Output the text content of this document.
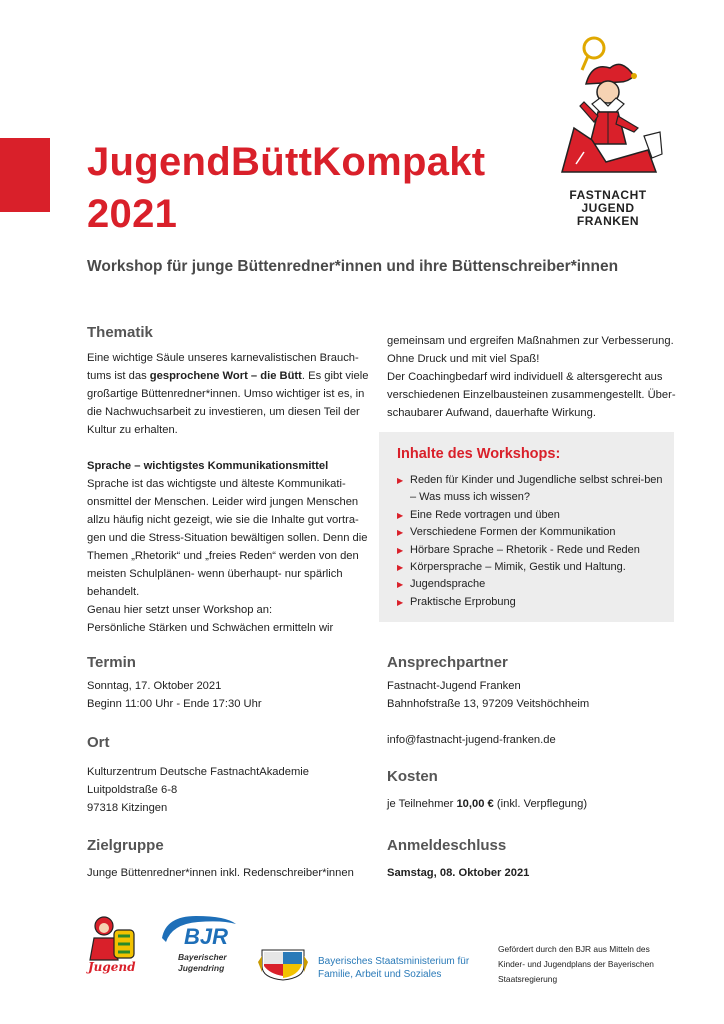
JugendBüttKompakt
2021	FASTNACHT
JUGEND
FRANKEN
Workshop für junge Büttenredner*innen und ihre Büttenschreiber*innen
Thematik

Eine wichtige Säule unseres karnevalistischen Brauch-tums ist das gesprochene Wort – die Bütt. Es gibt viele großartige Büttenredner*innen. Umso wichtiger ist es, in die Nachwuchsarbeit zu investieren, um diesen Teil der Kultur zu erhalten.

Sprache – wichtigstes Kommunikationsmittel

Sprache ist das wichtigste und älteste Kommunikati-onsmittel der Menschen. Leider wird jungen Menschen allzu häufig nicht gezeigt, wie sie die Inhalte gut vortra-gen und die Stress-Situation bewältigen sollen. Denn die Themen „Rhetorik“ und „freies Reden“ werden von den meisten Schulplänen- wenn überhaupt- nur spärlich behandelt.

Genau hier setzt unser Workshop an:

Persönliche Stärken und Schwächen ermitteln wir

gemeinsam und ergreifen Maßnahmen zur Verbesserung. Ohne Druck und mit viel Spaß!

Der Coachingbedarf wird individuell & altersgerecht aus verschiedenen Einzelbausteinen zusammengestellt. Über-schaubarer Aufwand, dauerhafte Wirkung.

Inhalte des Workshops:
▶ Reden für Kinder und Jugendliche selbst schrei-ben – Was muss ich wissen?
▶ Eine Rede vortragen und üben
▶ Verschiedene Formen der Kommunikation
▶ Hörbare Sprache – Rhetorik - Rede und Reden
▶ Körpersprache – Mimik, Gestik und Haltung.
▶ Jugendsprache
▶ Praktische Erprobung
Termin

Sonntag, 17. Oktober 2021

Beginn 11:00 Uhr - Ende 17:30 Uhr

Ort

Kulturzentrum Deutsche FastnachtAkademie

Luitpoldstraße 6-8

97318 Kitzingen

Zielgruppe

Junge Büttenredner*innen inkl. Redenschreiber*innen

Ansprechpartner

Fastnacht-Jugend Franken

Bahnhofstraße 13, 97209 Veitshöchheim

info@fastnacht-jugend-franken.de

Kosten

je Teilnehmer 10,00 € (inkl. Verpflegung)

Anmeldeschluss

Samstag, 08. Oktober 2021

Jugend
BJR
Bayerischer
Jugendring
Bayerisches Staatsministerium für
Familie, Arbeit und Soziales
Gefördert durch den BJR aus Mitteln des
Kinder- und Jugendplans der Bayerischen
Staatsregierung
